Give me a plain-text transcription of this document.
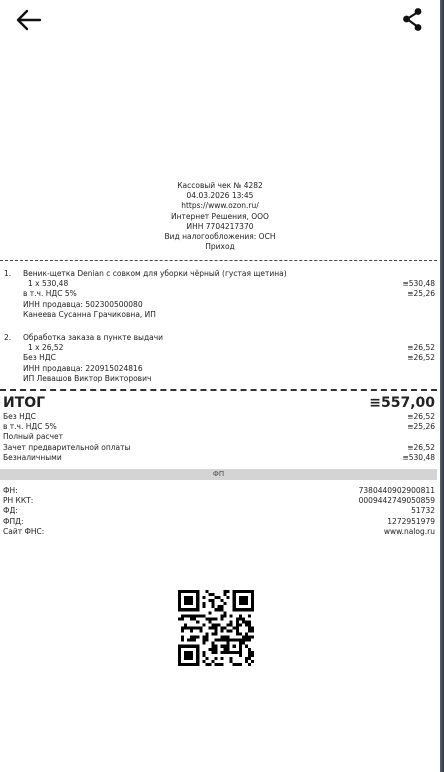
Кассовый чек № 4282
04.03.2026 13:45
https://www.ozon.ru/
Интернет Решения, ООО
ИНН 7704217370
Вид налогообложения: ОСН
Приход
1. Веник-щетка Denian с совком для уборки чёрный (густая щетина)
1 x 530,48	≡530,48
в т.ч. НДС 5%	≡25,26
ИНН продавца: 502300500080
Канеева Сусанна Грачиковна, ИП
2. Обработка заказа в пункте выдачи
1 x 26,52	≡26,52
Без НДС	≡26,52
ИНН продавца: 220915024816
ИП Левашов Виктор Викторович
ИТОГ	≡557,00
Без НДС	≡26,52
в т.ч. НДС 5%	≡25,26
Полный расчет
Зачет предварительной оплаты	≡26,52
Безналичными	≡530,48
ФП
ФН:	7380440902900811
РН ККТ:	0009442749050859
ФД:	51732
ФПД:	1272951979
Сайт ФНС:	www.nalog.ru
